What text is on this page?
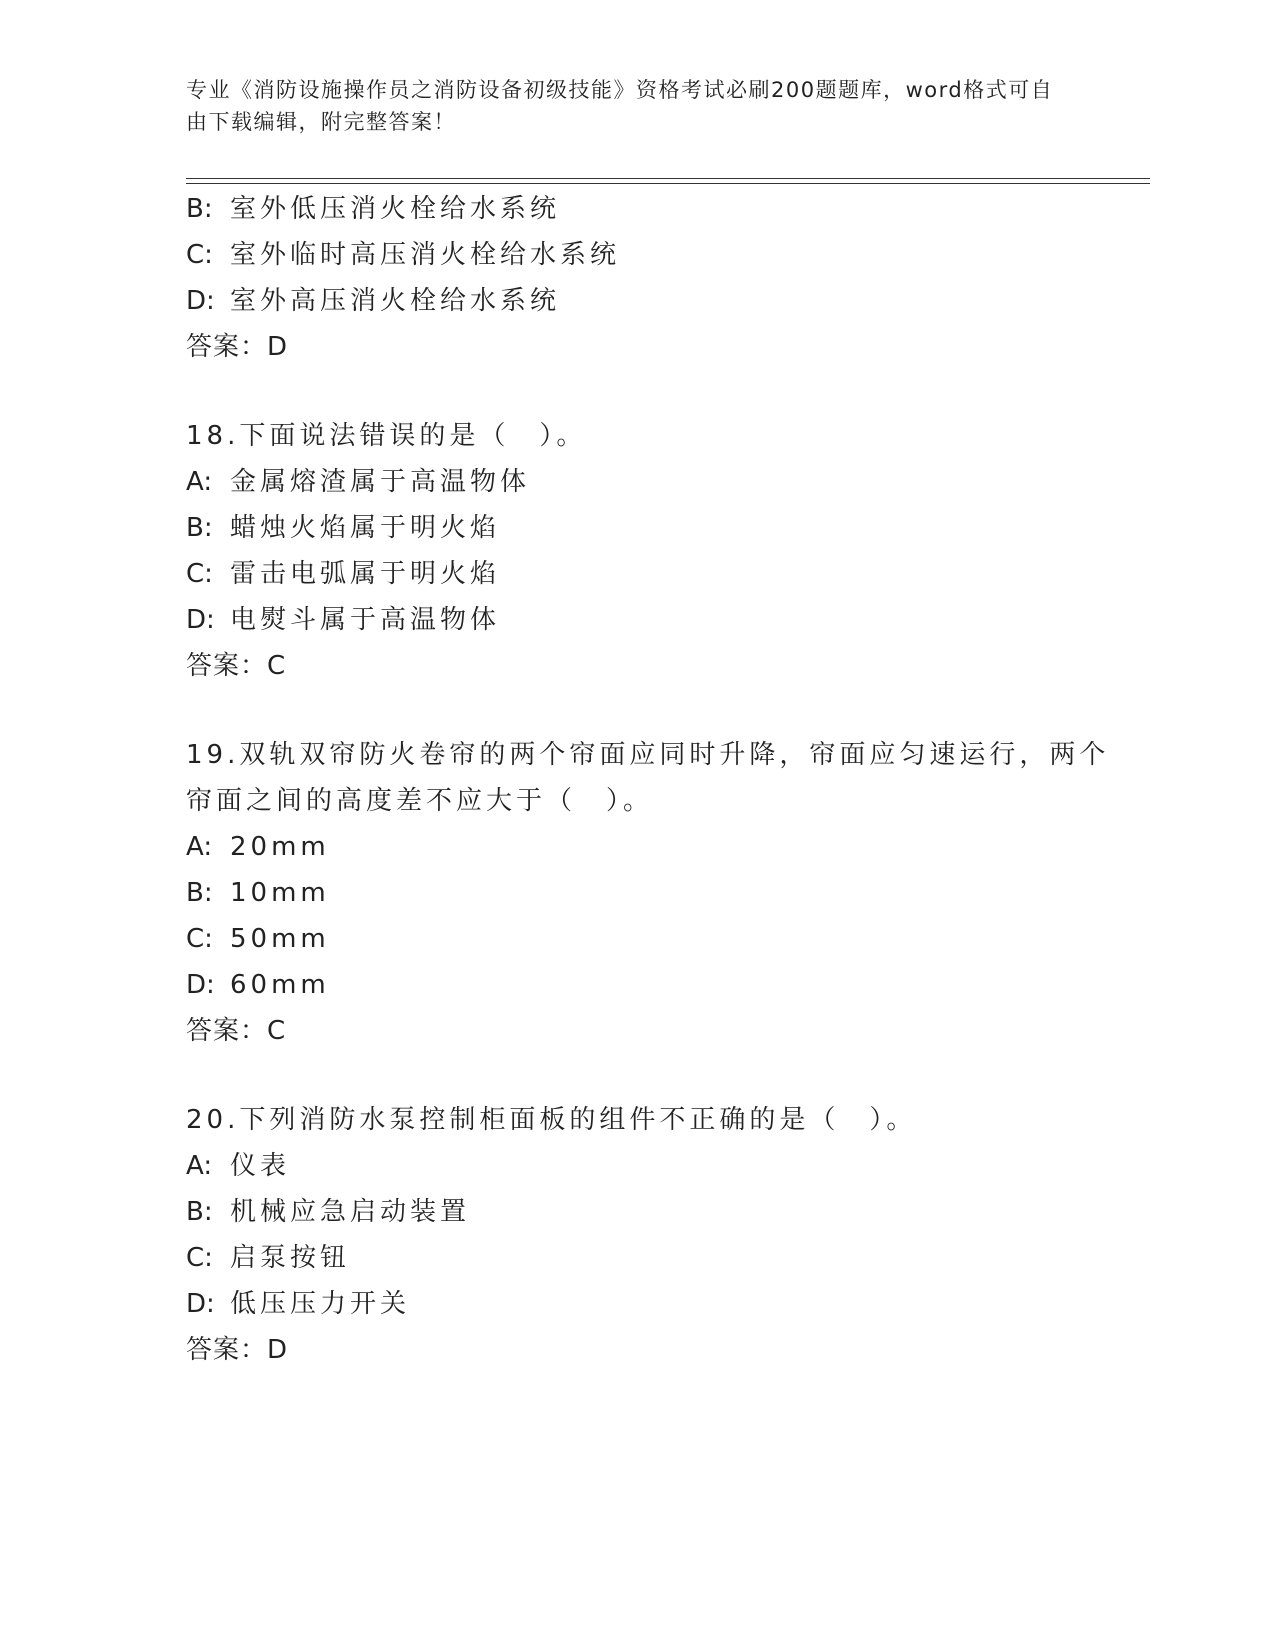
专业《消防设施操作员之消防设备初级技能》资格考试必刷200题题库，word格式可自由下载编辑，附完整答案！
B: 室外低压消火栓给水系统
C: 室外临时高压消火栓给水系统
D: 室外高压消火栓给水系统
答案：D
18.下面说法错误的是（　）。
A: 金属熔渣属于高温物体
B: 蜡烛火焰属于明火焰
C: 雷击电弧属于明火焰
D: 电熨斗属于高温物体
答案：C
19.双轨双帘防火卷帘的两个帘面应同时升降，帘面应匀速运行，两个
帘面之间的高度差不应大于（　）。
A: 20mm
B: 10mm
C: 50mm
D: 60mm
答案：C
20.下列消防水泵控制柜面板的组件不正确的是（　）。
A: 仪表
B: 机械应急启动装置
C: 启泵按钮
D: 低压压力开关
答案：D
